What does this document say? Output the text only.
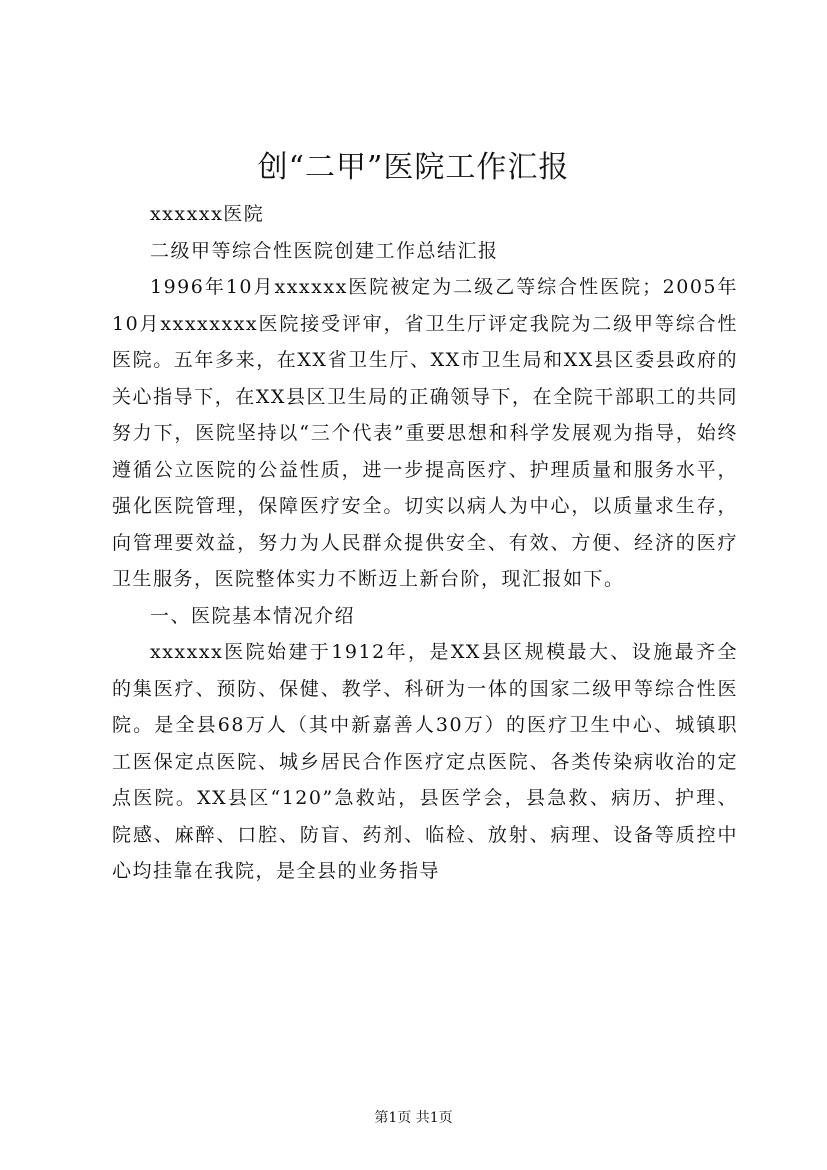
创“二甲”医院工作汇报

xxxxxx医院

二级甲等综合性医院创建工作总结汇报

1996年10月xxxxxx医院被定为二级乙等综合性医院；2005年10月xxxxxxxx医院接受评审，省卫生厅评定我院为二级甲等综合性医院。五年多来，在XX省卫生厅、XX市卫生局和XX县区委县政府的关心指导下，在XX县区卫生局的正确领导下，在全院干部职工的共同努力下，医院坚持以“三个代表”重要思想和科学发展观为指导，始终遵循公立医院的公益性质，进一步提高医疗、护理质量和服务水平，强化医院管理，保障医疗安全。切实以病人为中心，以质量求生存，向管理要效益，努力为人民群众提供安全、有效、方便、经济的医疗卫生服务，医院整体实力不断迈上新台阶，现汇报如下。

一、医院基本情况介绍

xxxxxx医院始建于1912年，是XX县区规模最大、设施最齐全的集医疗、预防、保健、教学、科研为一体的国家二级甲等综合性医院。是全县68万人（其中新嘉善人30万）的医疗卫生中心、城镇职工医保定点医院、城乡居民合作医疗定点医院、各类传染病收治的定点医院。XX县区“120”急救站，县医学会，县急救、病历、护理、院感、麻醉、口腔、防盲、药剂、临检、放射、病理、设备等质控中心均挂靠在我院，是全县的业务指导

第1页 共1页
